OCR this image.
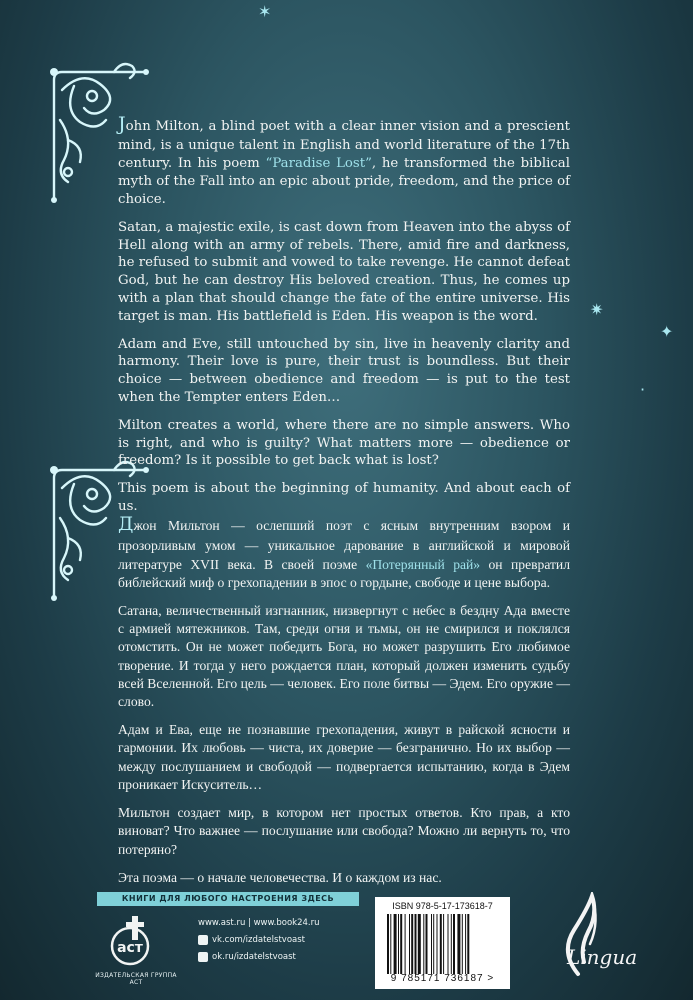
✶
✷
✦
·

John Milton, a blind poet with a clear inner vision and a prescient mind, is a unique talent in English and world literature of the 17th century. In his poem “Paradise Lost”, he transformed the biblical myth of the Fall into an epic about pride, freedom, and the price of choice.

Satan, a majestic exile, is cast down from Heaven into the abyss of Hell along with an army of rebels. There, amid fire and darkness, he refused to submit and vowed to take revenge. He cannot defeat God, but he can destroy His beloved creation. Thus, he comes up with a plan that should change the fate of the entire universe. His target is man. His battlefield is Eden. His weapon is the word.

Adam and Eve, still untouched by sin, live in heavenly clarity and harmony. Their love is pure, their trust is boundless. But their choice — between obedience and freedom — is put to the test when the Tempter enters Eden…

Milton creates a world, where there are no simple answers. Who is right, and who is guilty? What matters more — obedience or freedom? Is it possible to get back what is lost?

This poem is about the beginning of humanity. And about each of us.

Джон Мильтон — ослепший поэт с ясным внутренним взором и прозорливым умом — уникальное дарование в английской и мировой литературе XVII века. В своей поэме «Потерянный рай» он превратил библейский миф о грехопадении в эпос о гордыне, свободе и цене выбора.

Сатана, величественный изгнанник, низвергнут с небес в бездну Ада вместе с армией мятежников. Там, среди огня и тьмы, он не смирился и поклялся отомстить. Он не может победить Бога, но может разрушить Его любимое творение. И тогда у него рождается план, который должен изменить судьбу всей Вселенной. Его цель — человек. Его поле битвы — Эдем. Его оружие — слово.

Адам и Ева, еще не познавшие грехопадения, живут в райской ясности и гармонии. Их любовь — чиста, их доверие — безгранично. Но их выбор — между послушанием и свободой — подвергается испытанию, когда в Эдем проникает Искуситель…

Мильтон создает мир, в котором нет простых ответов. Кто прав, а кто виноват? Что важнее — послушание или свобода? Можно ли вернуть то, что потеряно?

Эта поэма — о начале человечества. И о каждом из нас.

КНИГИ ДЛЯ ЛЮБОГО НАСТРОЕНИЯ ЗДЕСЬ
аст
ИЗДАТЕЛЬСКАЯ ГРУППА АСТ
www.ast.ru | www.book24.ru
vk.com/izdatelstvoast
ok.ru/izdatelstvoast
ISBN 978-5-17-173618-7
9 785171 736187 >
Lingua
